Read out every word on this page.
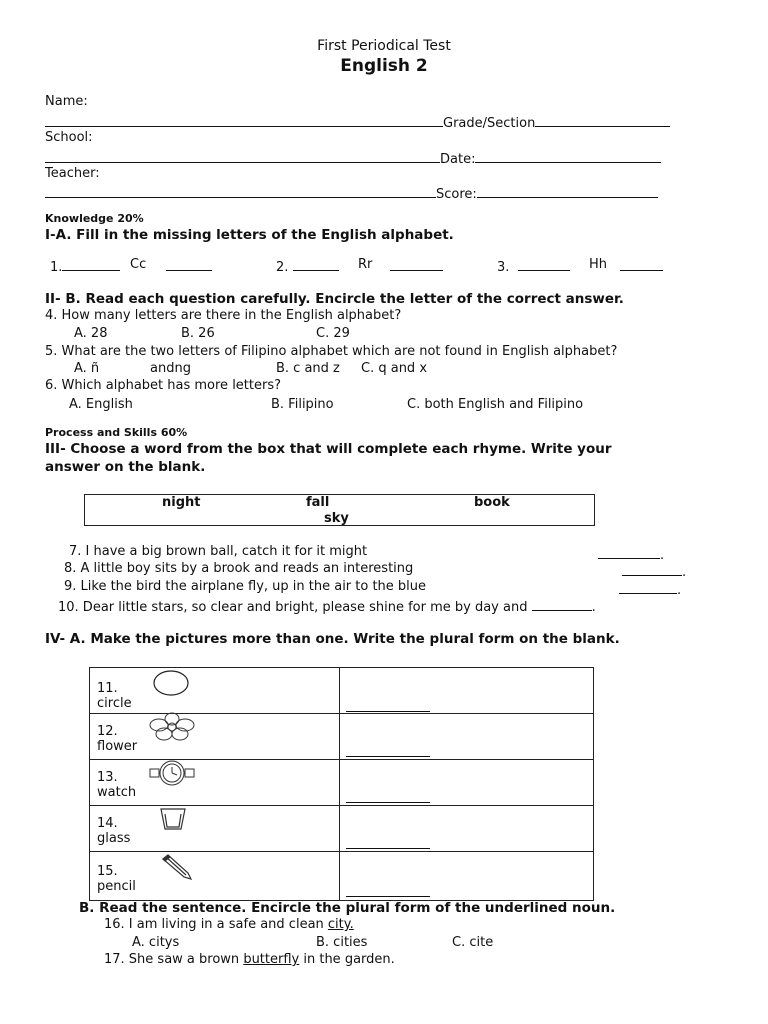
First Periodical Test
English 2
Name:
Grade/Section
School:
Date:
Teacher:
Score:
Knowledge 20%
I-A. Fill in the missing letters of the English alphabet.
1.	Cc	2.	Rr	3.	Hh
II- B. Read each question carefully. Encircle the letter of the correct answer.
4. How many letters are there in the English alphabet?
A. 28	B. 26	C. 29
5. What are the two letters of Filipino alphabet which are not found in English alphabet?
A. ñ	andng	B. c and z C. q and x
6. Which alphabet has more letters?
A. English	B. Filipino	C. both English and Filipino
Process and Skills 60%
III- Choose a word from the box that will complete each rhyme. Write your
answer on the blank.
night	fall	book
sky
7. I have a big brown ball, catch it for it might	.
8. A little boy sits by a brook and reads an interesting	.
9. Like the bird the airplane fly, up in the air to the blue	.
10. Dear little stars, so clear and bright, please shine for me by day and	.
IV- A. Make the pictures more than one. Write the plural form on the blank.
11.
circle	

12.
flower	

13.
watch	

14.
glass	

15.
pencil	

B. Read the sentence. Encircle the plural form of the underlined noun.
16. I am living in a safe and clean city.
A. citys	B. cities	C. cite
17. She saw a brown butterfly in the garden.
